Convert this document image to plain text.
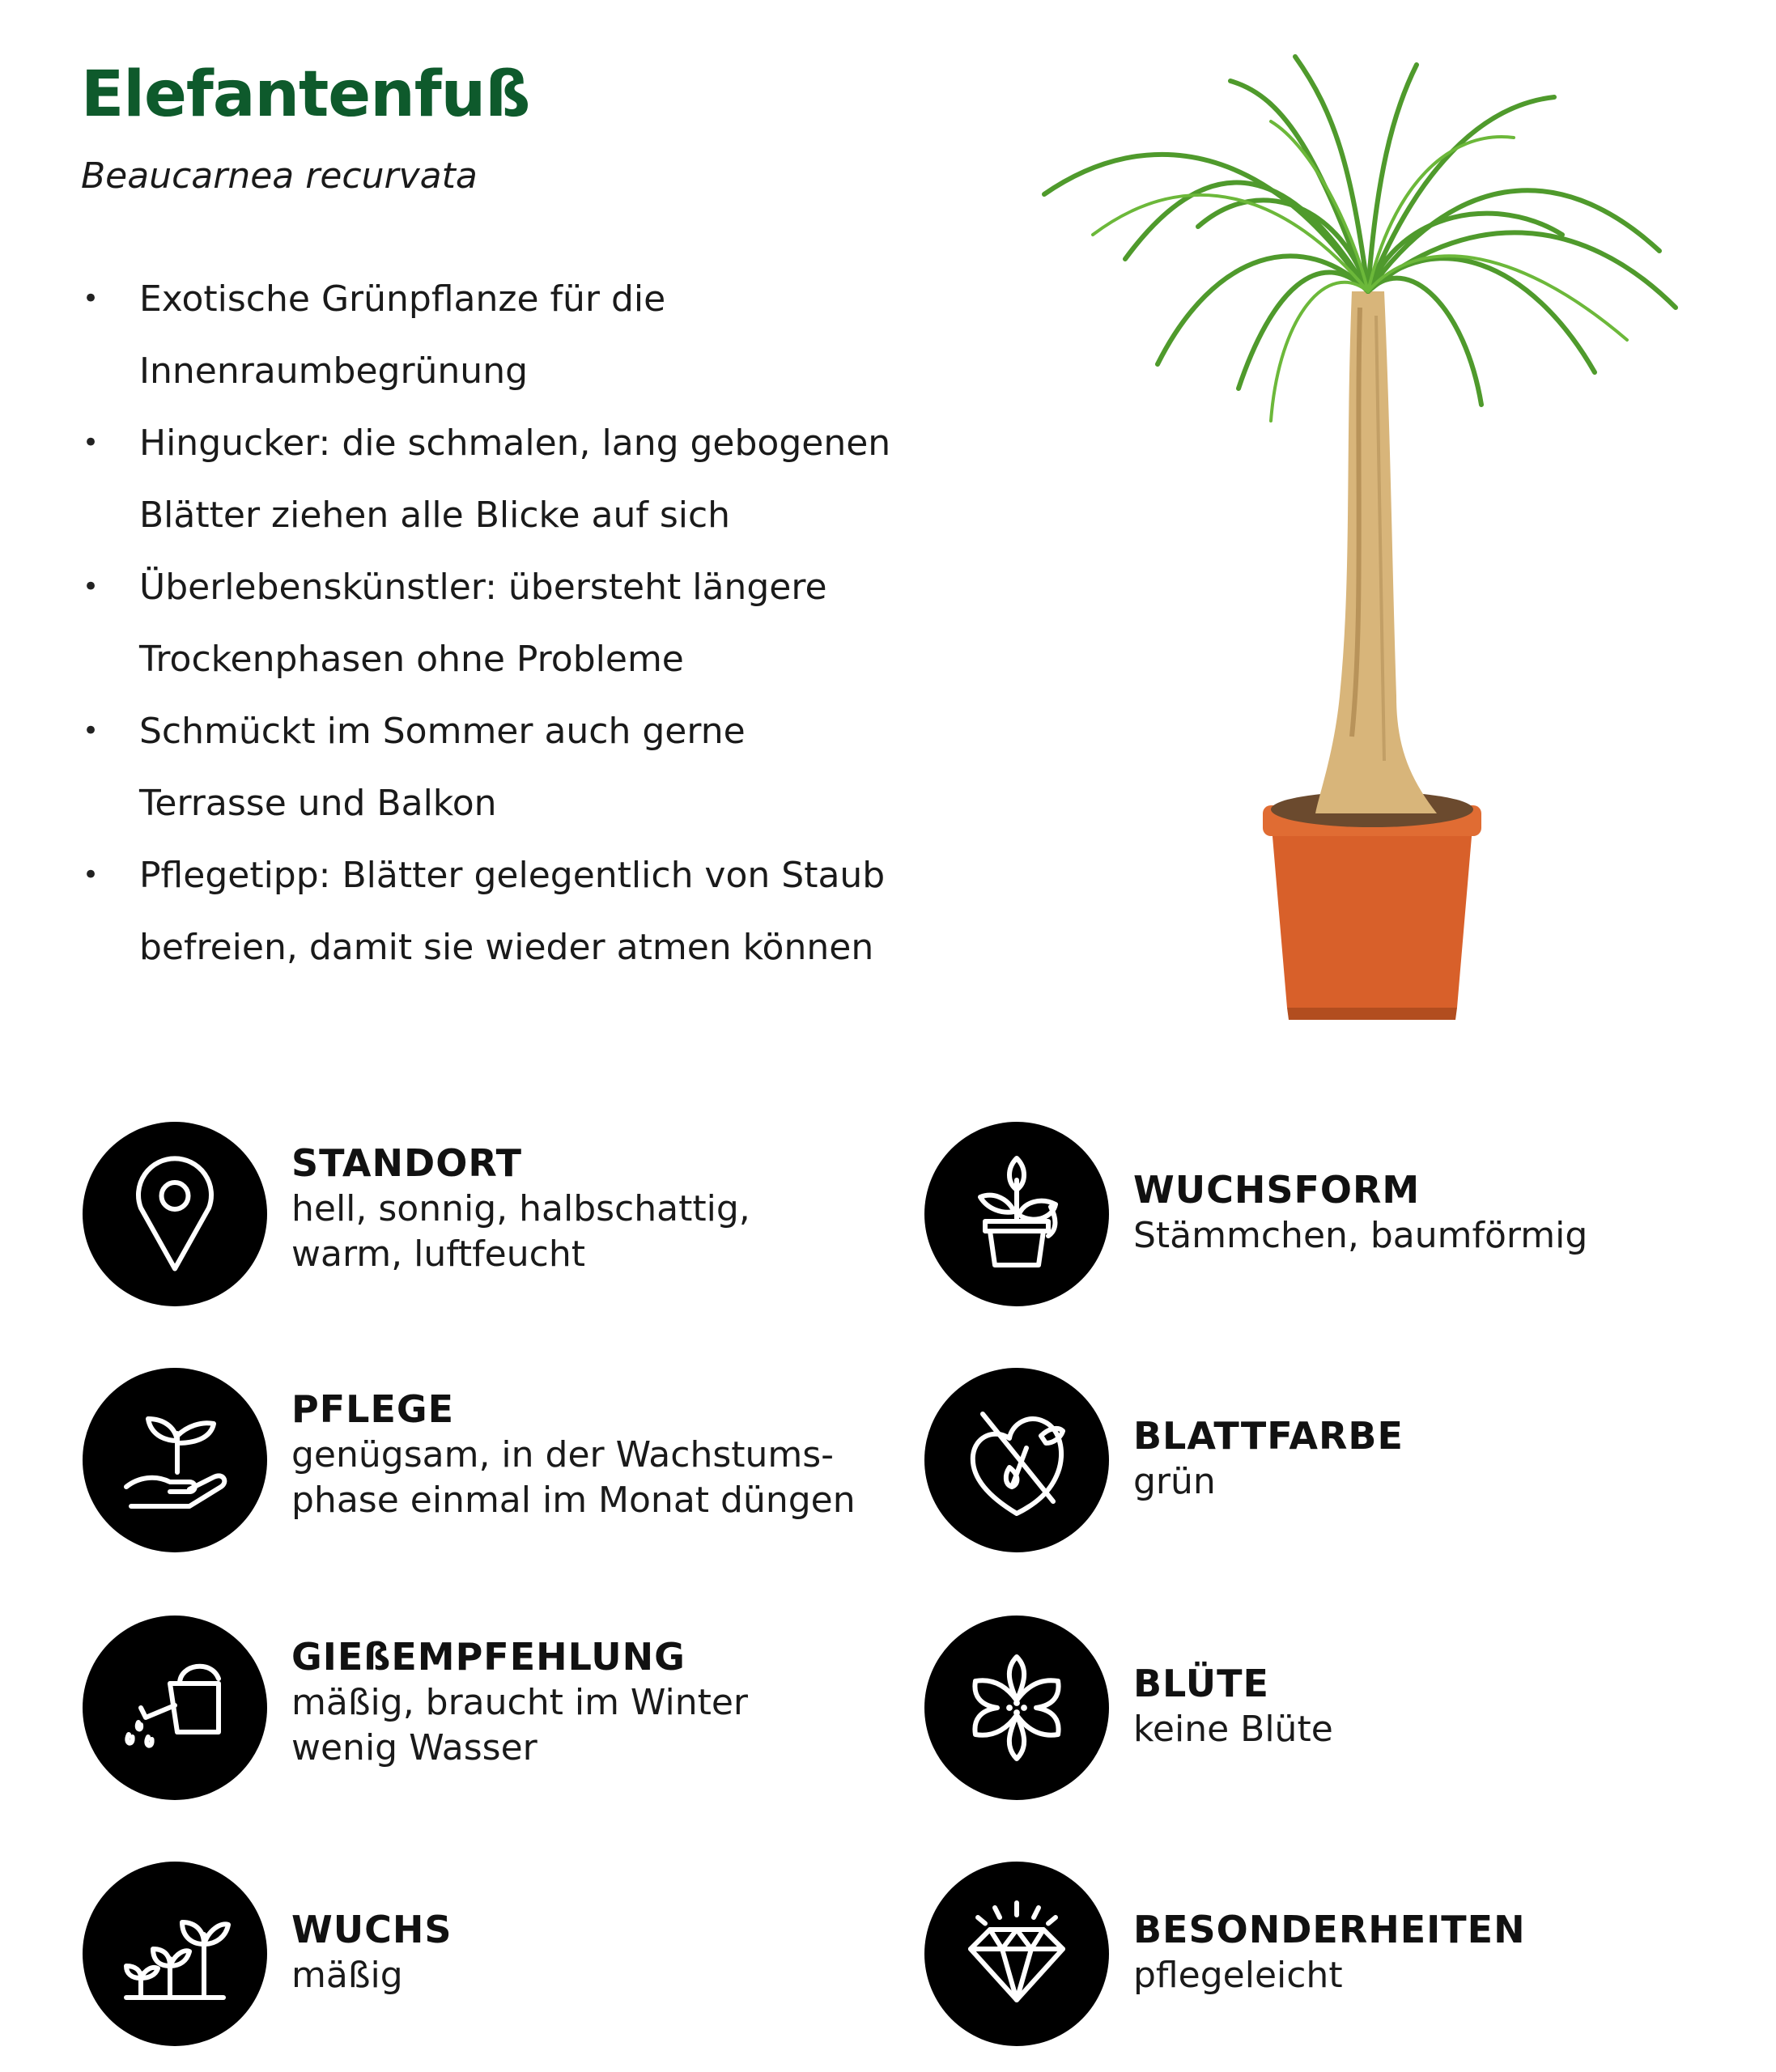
Elefantenfuß

Beaucarnea recurvata

• Exotische Grünpflanze für die
Innenraumbegrünung
• Hingucker: die schmalen, lang gebogenen
Blätter ziehen alle Blicke auf sich
• Überlebenskünstler: übersteht längere
Trockenphasen ohne Probleme
• Schmückt im Sommer auch gerne
Terrasse und Balkon
• Pflegetipp: Blätter gelegentlich von Staub
befreien, damit sie wieder atmen können
STANDORT
hell, sonnig, halbschattig,
warm, luftfeucht
PFLEGE
genügsam, in der Wachstums-
phase einmal im Monat düngen
GIEßEMPFEHLUNG
mäßig, braucht im Winter
wenig Wasser
WUCHS
mäßig
WUCHSFORM
Stämmchen, baumförmig
BLATTFARBE
grün
BLÜTE
keine Blüte
BESONDERHEITEN
pflegeleicht
